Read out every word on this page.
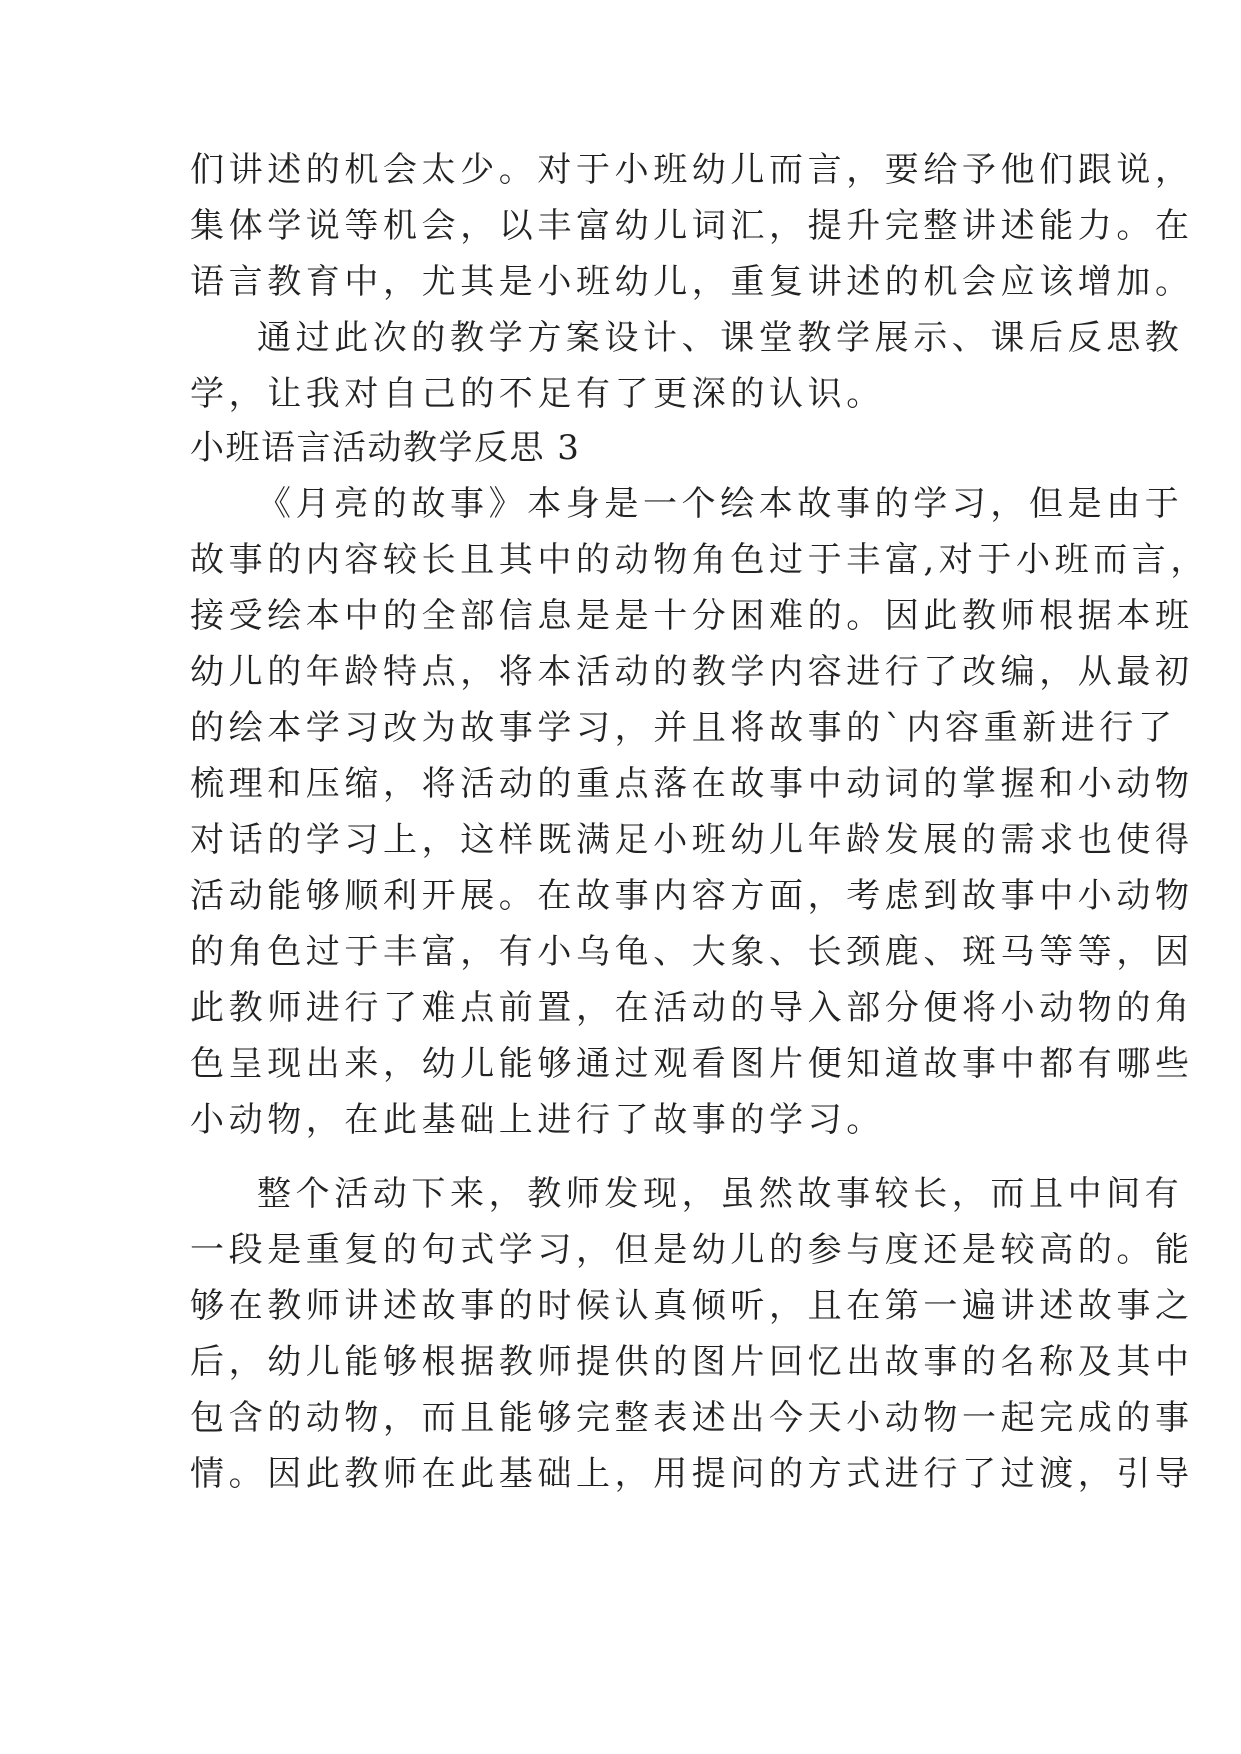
们讲述的机会太少。对于小班幼儿而言，要给予他们跟说，
集体学说等机会，以丰富幼儿词汇，提升完整讲述能力。在
语言教育中，尤其是小班幼儿，重复讲述的机会应该增加。
通过此次的教学方案设计、课堂教学展示、课后反思教
学，让我对自己的不足有了更深的认识。
小班语言活动教学反思 3
《月亮的故事》本身是一个绘本故事的学习，但是由于
故事的内容较长且其中的动物角色过于丰富,对于小班而言，
接受绘本中的全部信息是是十分困难的。因此教师根据本班
幼儿的年龄特点，将本活动的教学内容进行了改编，从最初
的绘本学习改为故事学习，并且将故事的`内容重新进行了
梳理和压缩，将活动的重点落在故事中动词的掌握和小动物
对话的学习上，这样既满足小班幼儿年龄发展的需求也使得
活动能够顺利开展。在故事内容方面，考虑到故事中小动物
的角色过于丰富，有小乌龟、大象、长颈鹿、斑马等等，因
此教师进行了难点前置，在活动的导入部分便将小动物的角
色呈现出来，幼儿能够通过观看图片便知道故事中都有哪些
小动物，在此基础上进行了故事的学习。
整个活动下来，教师发现，虽然故事较长，而且中间有
一段是重复的句式学习，但是幼儿的参与度还是较高的。能
够在教师讲述故事的时候认真倾听，且在第一遍讲述故事之
后，幼儿能够根据教师提供的图片回忆出故事的名称及其中
包含的动物，而且能够完整表述出今天小动物一起完成的事
情。因此教师在此基础上，用提问的方式进行了过渡，引导
